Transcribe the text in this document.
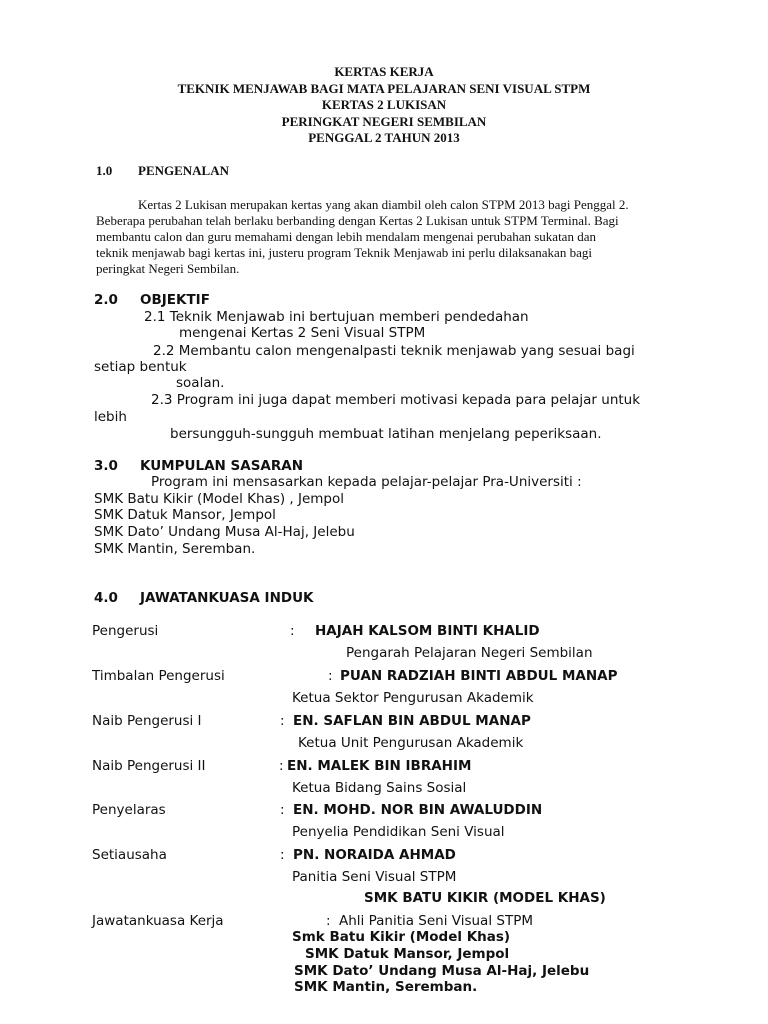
KERTAS KERJA
TEKNIK MENJAWAB BAGI MATA PELAJARAN SENI VISUAL STPM
KERTAS 2 LUKISAN
PERINGKAT NEGERI SEMBILAN
PENGGAL 2 TAHUN 2013
1.0 PENGENALAN
Kertas 2 Lukisan merupakan kertas yang akan diambil oleh calon STPM 2013 bagi Penggal 2.
Beberapa perubahan telah berlaku berbanding dengan Kertas 2 Lukisan untuk STPM Terminal. Bagi
membantu calon dan guru memahami dengan lebih mendalam mengenai perubahan sukatan dan
teknik menjawab bagi kertas ini, justeru program Teknik Menjawab ini perlu dilaksanakan bagi
peringkat Negeri Sembilan.
2.0 OBJEKTIF
2.1 Teknik Menjawab ini bertujuan memberi pendedahan
mengenai Kertas 2 Seni Visual STPM
2.2 Membantu calon mengenalpasti teknik menjawab yang sesuai bagi
setiap bentuk
soalan.
2.3 Program ini juga dapat memberi motivasi kepada para pelajar untuk
lebih
bersungguh-sungguh membuat latihan menjelang peperiksaan.
3.0 KUMPULAN SASARAN
Program ini mensasarkan kepada pelajar-pelajar Pra-Universiti :
SMK Batu Kikir (Model Khas) , Jempol
SMK Datuk Mansor, Jempol
SMK Dato’ Undang Musa Al-Haj, Jelebu
SMK Mantin, Seremban.
4.0 JAWATANKUASA INDUK
Pengerusi	: HAJAH KALSOM BINTI KHALID
Pengarah Pelajaran Negeri Sembilan
Timbalan Pengerusi	: PUAN RADZIAH BINTI ABDUL MANAP
Ketua Sektor Pengurusan Akademik
Naib Pengerusi I	: EN. SAFLAN BIN ABDUL MANAP
Ketua Unit Pengurusan Akademik
Naib Pengerusi II	: EN. MALEK BIN IBRAHIM
Ketua Bidang Sains Sosial
Penyelaras	: EN. MOHD. NOR BIN AWALUDDIN
Penyelia Pendidikan Seni Visual
Setiausaha	: PN. NORAIDA AHMAD
Panitia Seni Visual STPM
SMK BATU KIKIR (MODEL KHAS)
Jawatankuasa Kerja	: Ahli Panitia Seni Visual STPM
Smk Batu Kikir (Model Khas)
SMK Datuk Mansor, Jempol
SMK Dato’ Undang Musa Al-Haj, Jelebu
SMK Mantin, Seremban.
